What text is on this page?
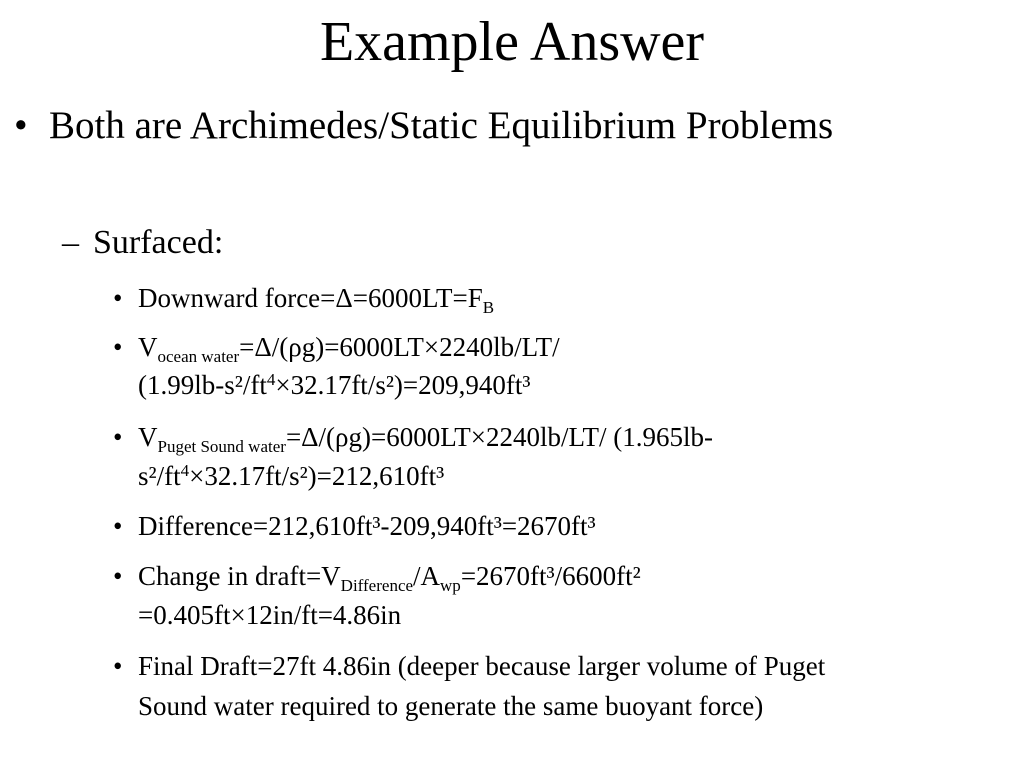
Example Answer
• Both are Archimedes/Static Equilibrium Problems
– Surfaced:
• Downward $force=\Delta=6000LT=F_B$
• $V_{ocean water}=\Delta/(\rho g)=6000LT\times 2240lb/LT/$
$(1.99lb-s^2/ft^4\times 32.17ft/s^2)=209,940ft^3$
• $V_{Puget Sound water}=\Delta/(\rho g)=6000LT\times 2240lb/LT/$ (1.965lb-
$s^2/ft^4\times 32.17ft/s^2)=212,610ft^3$
• Difference=212,610ft³-209,940ft³=2670ft³
• Change in $draft=V_{Difference}/A_{wp}=2670ft^3/6600ft^2$
=0.405ft×12in/ft=4.86in
• Final Draft=27ft 4.86in (deeper because larger volume of Puget
Sound water required to generate the same buoyant force)
